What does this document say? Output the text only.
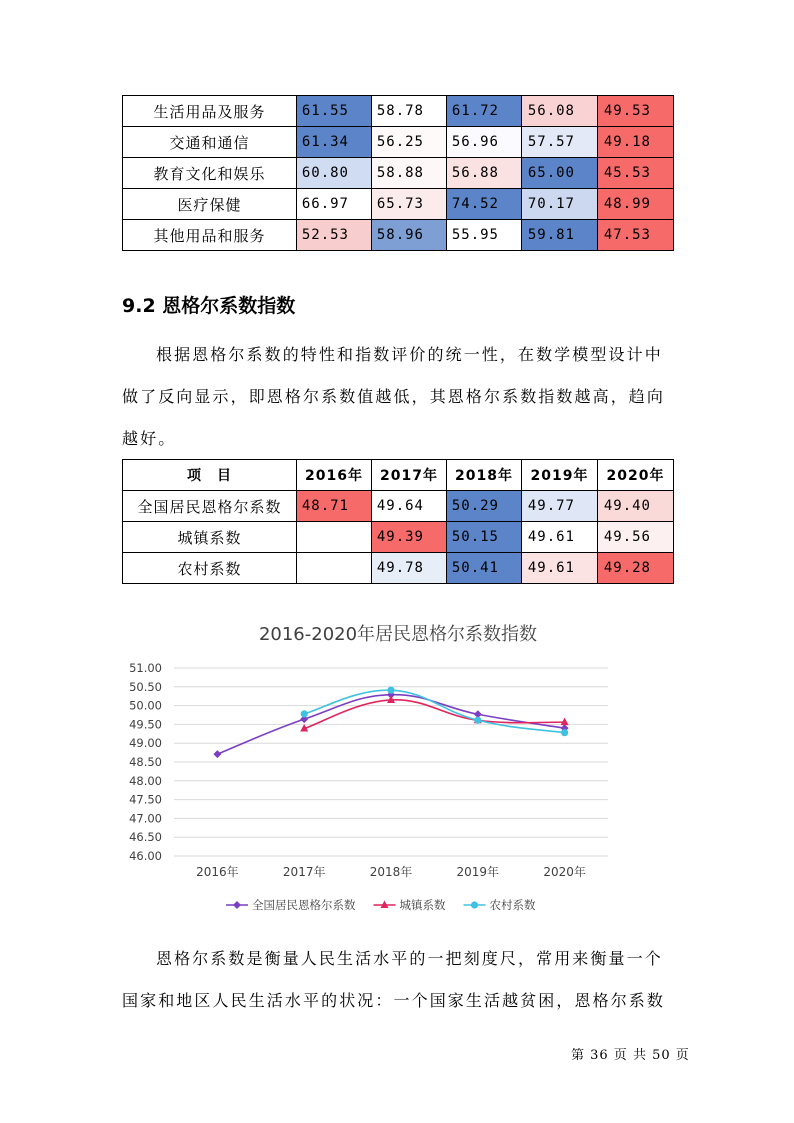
生活用品及服务	61.55	58.78	61.72	56.08	49.53
交通和通信	61.34	56.25	56.96	57.57	49.18
教育文化和娱乐	60.80	58.88	56.88	65.00	45.53
医疗保健	66.97	65.73	74.52	70.17	48.99
其他用品和服务	52.53	58.96	55.95	59.81	47.53
9.2 恩格尔系数指数
根据恩格尔系数的特性和指数评价的统一性，在数学模型设计中做了反向显示，即恩格尔系数值越低，其恩格尔系数指数越高，趋向越好。
项　目	2016年	2017年	2018年	2019年	2020年
全国居民恩格尔系数	48.71	49.64	50.29	49.77	49.40
城镇系数		49.39	50.15	49.61	49.56
农村系数		49.78	50.41	49.61	49.28
2016-2020年居民恩格尔系数指数
46.00
46.50
47.00
47.50
48.00
48.50
49.00
49.50
50.00
50.50
51.00
2016年	2017年	2018年	2019年	2020年
全国居民恩格尔系数	城镇系数	农村系数
恩格尔系数是衡量人民生活水平的一把刻度尺，常用来衡量一个国家和地区人民生活水平的状况：一个国家生活越贫困，恩格尔系数
第 36 页 共 50 页
